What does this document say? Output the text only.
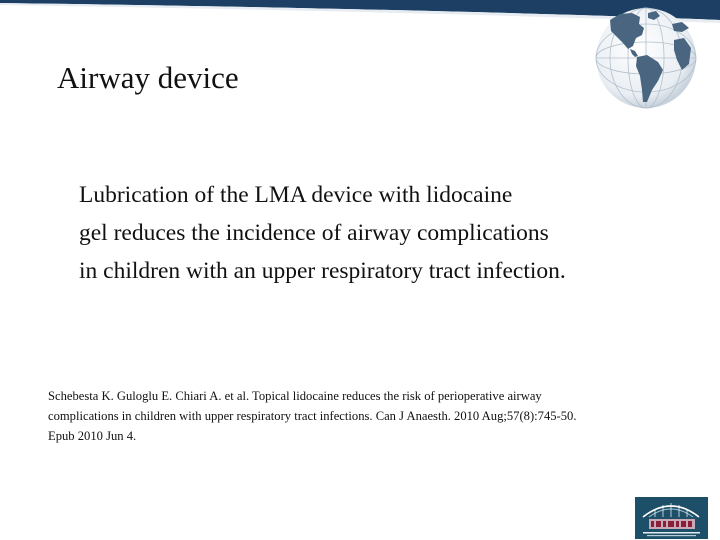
Airway device
Lubrication of the LMA device with lidocaine
gel reduces the incidence of airway complications
in children with an upper respiratory tract infection.
Schebesta K. Guloglu E. Chiari A. et al. Topical lidocaine reduces the risk of perioperative airway
complications in children with upper respiratory tract infections. Can J Anaesth. 2010 Aug;57(8):745-50.
Epub 2010 Jun 4.
